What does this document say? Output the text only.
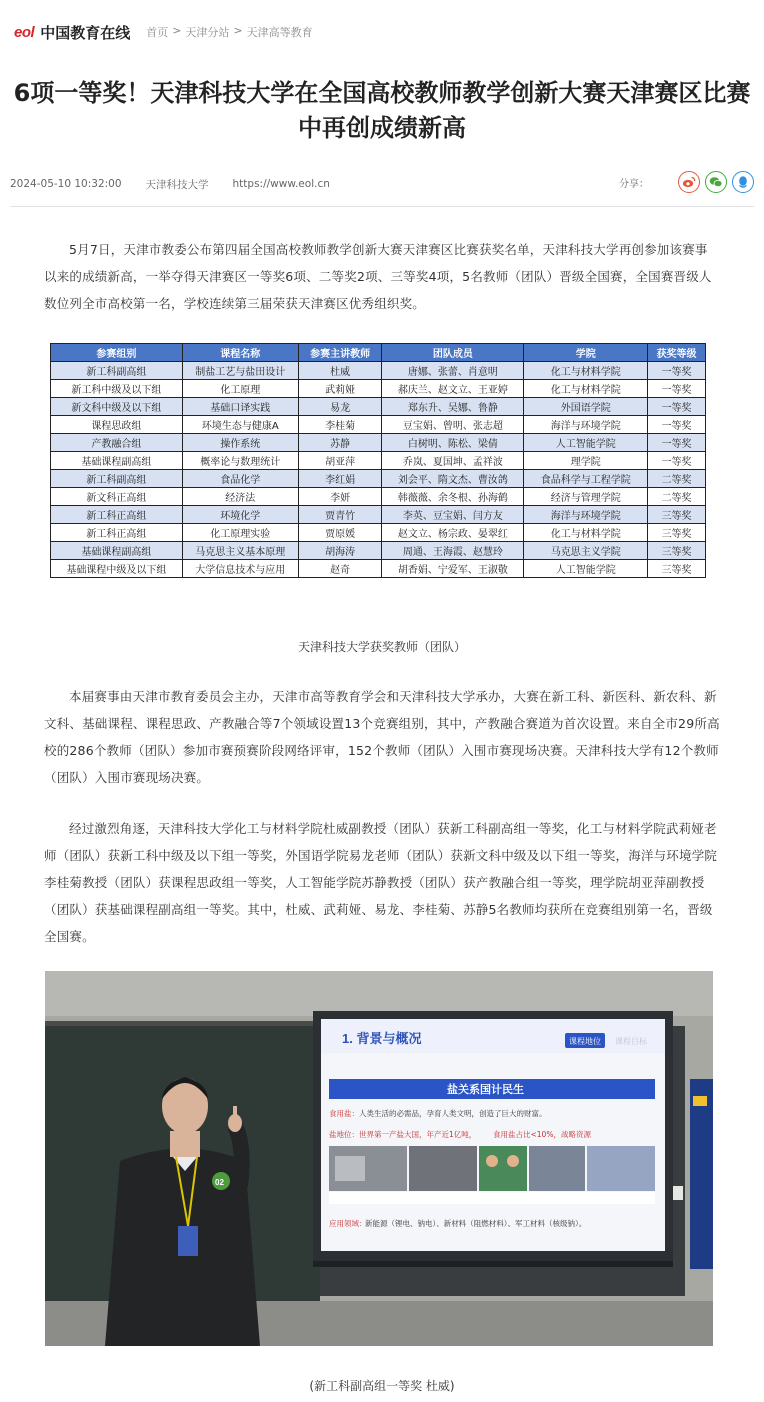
eol 中国教育在线 首页 > 天津分站 > 天津高等教育
6项一等奖！天津科技大学在全国高校教师教学创新大赛天津赛区比赛中再创成绩新高
2024-05-10 10:32:00 天津科技大学 https://www.eol.cn	分享：

5月7日，天津市教委公布第四届全国高校教师教学创新大赛天津赛区比赛获奖名单，天津科技大学再创参加该赛事以来的成绩新高，一举夺得天津赛区一等奖6项、二等奖2项、三等奖4项，5名教师（团队）晋级全国赛，全国赛晋级人数位列全市高校第一名，学校连续第三届荣获天津赛区优秀组织奖。

参赛组别	课程名称	参赛主讲教师	团队成员	学院	获奖等级
新工科副高组	制盐工艺与盐田设计	杜威	唐娜、张蕾、肖意明	化工与材料学院	一等奖
新工科中级及以下组	化工原理	武莉娅	郝庆兰、赵文立、王亚婷	化工与材料学院	一等奖
新文科中级及以下组	基础口译实践	易龙	郑东升、吴娜、鲁静	外国语学院	一等奖
课程思政组	环境生态与健康A	李桂菊	豆宝娟、曾明、张志超	海洋与环境学院	一等奖
产教融合组	操作系统	苏静	白树明、陈松、梁倩	人工智能学院	一等奖
基础课程副高组	概率论与数理统计	胡亚萍	乔岚、夏国坤、孟祥波	理学院	一等奖
新工科副高组	食品化学	李红娟	刘会平、隋文杰、曹汝鸽	食品科学与工程学院	二等奖
新文科正高组	经济法	李妍	韩薇薇、余冬根、孙海鹤	经济与管理学院	二等奖
新工科正高组	环境化学	贾青竹	李英、豆宝娟、闫方友	海洋与环境学院	三等奖
新工科正高组	化工原理实验	贾原媛	赵文立、杨宗政、晏翠红	化工与材料学院	三等奖
基础课程副高组	马克思主义基本原理	胡海涛	周通、王海霞、赵慧玲	马克思主义学院	三等奖
基础课程中级及以下组	大学信息技术与应用	赵奇	胡香娟、宁爱军、王淑敬	人工智能学院	三等奖
天津科技大学获奖教师（团队）

本届赛事由天津市教育委员会主办，天津市高等教育学会和天津科技大学承办，大赛在新工科、新医科、新农科、新文科、基础课程、课程思政、产教融合等7个领域设置13个竞赛组别，其中，产教融合赛道为首次设置。来自全市29所高校的286个教师（团队）参加市赛预赛阶段网络评审，152个教师（团队）入围市赛现场决赛。天津科技大学有12个教师（团队）入围市赛现场决赛。

经过激烈角逐，天津科技大学化工与材料学院杜威副教授（团队）获新工科副高组一等奖，化工与材料学院武莉娅老师（团队）获新工科中级及以下组一等奖，外国语学院易龙老师（团队）获新文科中级及以下组一等奖，海洋与环境学院李桂菊教授（团队）获课程思政组一等奖，人工智能学院苏静教授（团队）获产教融合组一等奖，理学院胡亚萍副教授（团队）获基础课程副高组一等奖。其中，杜威、武莉娅、易龙、李桂菊、苏静5名教师均获所在竞赛组别第一名，晋级全国赛。

1. 背景与概况	课程地位 课程目标
盐关系国计民生
食用盐： 人类生活的必需品，孕育人类文明，创造了巨大的财富。
盐地位： 世界第一产盐大国，年产近1亿吨， 食用盐占比<10%，战略资源
应用领域：
新能源（锂电、钠电）、新材料（阻燃材料）、军工材料（核级钠）。
02
(新工科副高组一等奖 杜威)
